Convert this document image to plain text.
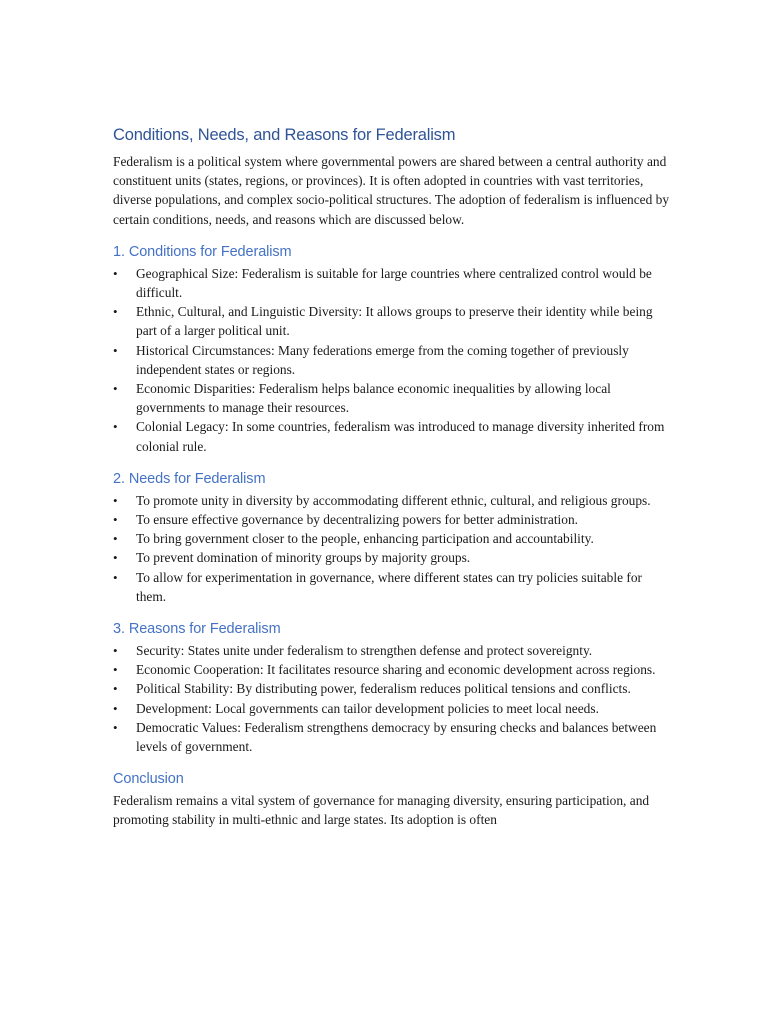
Conditions, Needs, and Reasons for Federalism

Federalism is a political system where governmental powers are shared between a central authority and constituent units (states, regions, or provinces). It is often adopted in countries with vast territories, diverse populations, and complex socio-political structures. The adoption of federalism is influenced by certain conditions, needs, and reasons which are discussed below.

1. Conditions for Federalism
• Geographical Size: Federalism is suitable for large countries where centralized control would be difficult.
• Ethnic, Cultural, and Linguistic Diversity: It allows groups to preserve their identity while being part of a larger political unit.
• Historical Circumstances: Many federations emerge from the coming together of previously independent states or regions.
• Economic Disparities: Federalism helps balance economic inequalities by allowing local governments to manage their resources.
• Colonial Legacy: In some countries, federalism was introduced to manage diversity inherited from colonial rule.
2. Needs for Federalism
• To promote unity in diversity by accommodating different ethnic, cultural, and religious groups.
• To ensure effective governance by decentralizing powers for better administration.
• To bring government closer to the people, enhancing participation and accountability.
• To prevent domination of minority groups by majority groups.
• To allow for experimentation in governance, where different states can try policies suitable for them.
3. Reasons for Federalism
• Security: States unite under federalism to strengthen defense and protect sovereignty.
• Economic Cooperation: It facilitates resource sharing and economic development across regions.
• Political Stability: By distributing power, federalism reduces political tensions and conflicts.
• Development: Local governments can tailor development policies to meet local needs.
• Democratic Values: Federalism strengthens democracy by ensuring checks and balances between levels of government.
Conclusion

Federalism remains a vital system of governance for managing diversity, ensuring participation, and promoting stability in multi-ethnic and large states. Its adoption is often
